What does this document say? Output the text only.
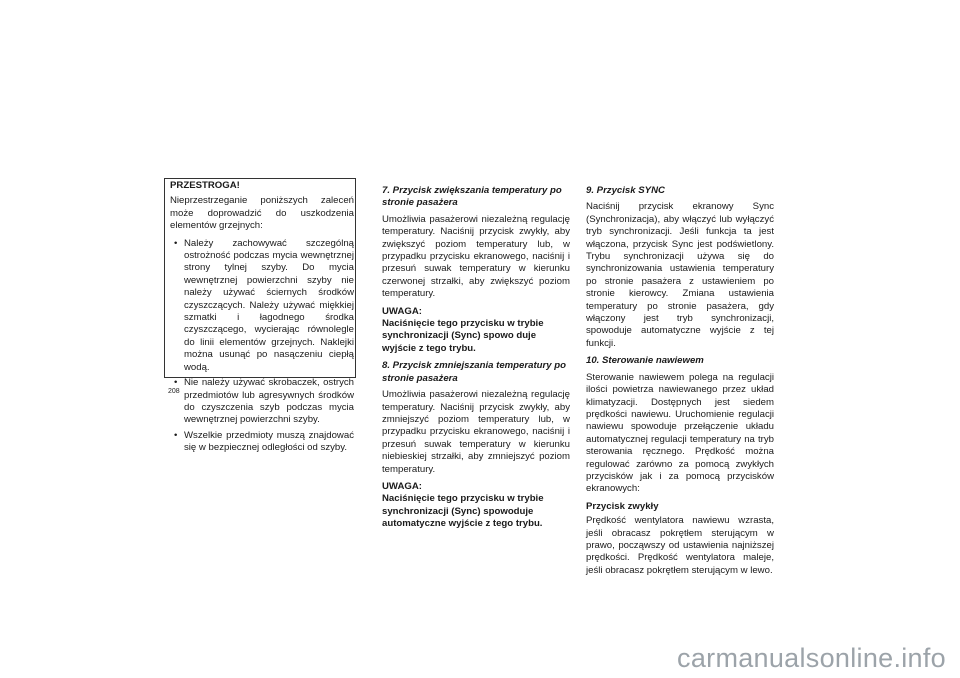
PRZESTROGA!

Nieprzestrzeganie poniższych zaleceń może doprowadzić do uszkodzenia elementów grzejnych:

• Należy zachowywać szczególną ostrożność podczas mycia wewnętrznej strony tylnej szyby. Do mycia wewnętrznej powierzchni szyby nie należy używać ściernych środków czyszczących. Należy używać miękkiej szmatki i łagodnego środka czyszczącego, wycierając równolegle do linii elementów grzejnych. Naklejki można usunąć po nasączeniu ciepłą wodą.
• Nie należy używać skrobaczek, ostrych przedmiotów lub agresywnych środków do czyszczenia szyb podczas mycia wewnętrznej powierzchni szyby.
• Wszelkie przedmioty muszą znajdować się w bezpiecznej odległości od szyby.
208
7. Przycisk zwiększania temperatury po stronie pasażera

Umożliwia pasażerowi niezależną regulację temperatury. Naciśnij przycisk zwykły, aby zwiększyć poziom temperatury lub, w przypadku przycisku ekranowego, naciśnij i przesuń suwak temperatury w kierunku czerwonej strzałki, aby zwiększyć poziom temperatury.

UWAGA:

Naciśnięcie tego przycisku w trybie synchronizacji (Sync) spowo duje wyjście z tego trybu.

8. Przycisk zmniejszania temperatury po stronie pasażera

Umożliwia pasażerowi niezależną regulację temperatury. Naciśnij przycisk zwykły, aby zmniejszyć poziom temperatury lub, w przypadku przycisku ekranowego, naciśnij i przesuń suwak temperatury w kierunku niebieskiej strzałki, aby zmniejszyć poziom temperatury.

UWAGA:

Naciśnięcie tego przycisku w trybie synchronizacji (Sync) spowoduje automatyczne wyjście z tego trybu.

9. Przycisk SYNC

Naciśnij przycisk ekranowy Sync (Synchronizacja), aby włączyć lub wyłączyć tryb synchronizacji. Jeśli funkcja ta jest włączona, przycisk Sync jest podświetlony. Trybu synchronizacji używa się do synchronizowania ustawienia temperatury po stronie pasażera z ustawieniem po stronie kierowcy. Zmiana ustawienia temperatury po stronie pasażera, gdy włączony jest tryb synchronizacji, spowoduje automatyczne wyjście z tej funkcji.

10. Sterowanie nawiewem

Sterowanie nawiewem polega na regulacji ilości powietrza nawiewanego przez układ klimatyzacji. Dostępnych jest siedem prędkości nawiewu. Uruchomienie regulacji nawiewu spowoduje przełączenie układu automatycznej regulacji temperatury na tryb sterowania ręcznego. Prędkość można regulować zarówno za pomocą zwykłych przycisków jak i za pomocą przycisków ekranowych:

Przycisk zwykły

Prędkość wentylatora nawiewu wzrasta, jeśli obracasz pokrętłem sterującym w prawo, począwszy od ustawienia najniższej prędkości. Prędkość wentylatora maleje, jeśli obracasz pokrętłem sterującym w lewo.

carmanualsonline.info
